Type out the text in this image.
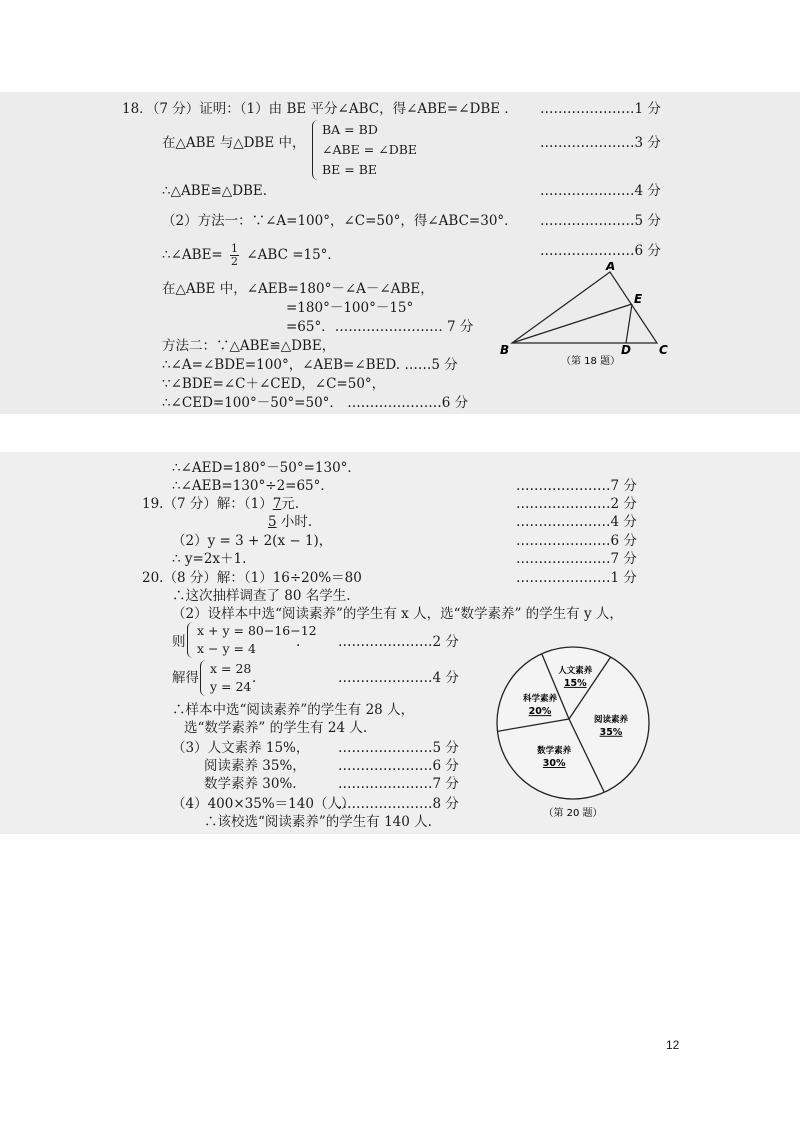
18．（7 分）证明：（1）由 BE 平分∠ABC，得∠ABE=∠DBE ． …………………1 分
在△ABE 与△DBE 中，
BA = BD
∠ABE = ∠DBE
BE = BE
…………………3 分
∴△ABE≌△DBE.	…………………4 分
（2）方法一：∵∠A=100°，∠C=50°，得∠ABC=30°． …………………5 分
∴∠ABE= $\frac{1}{2}$ ∠ABC =15°．	…………………6 分
在△ABE 中，∠AEB=180°－∠A－∠ABE，
=180°－100°－15°
=65°．…………………… 7 分
方法二：∵△ABE≌△DBE，
∴∠A=∠BDE=100°，∠AEB=∠BED. ……5 分
∵∠BDE=∠C＋∠CED，∠C=50°，
∴∠CED=100°－50°=50°． …………………6 分
A
E
B	D C
（第 18 题）
∴∠AED=180°－50°=130°．
∴∠AEB=130°÷2=65°．	…………………7 分
19.（7 分）解：（1）7元.	…………………2 分
5 小时.	…………………4 分
（2）y = 3 + 2(x − 1)，	…………………6 分
∴ y=2x＋1.	…………………7 分
20.（8 分）解：（1）16÷20%＝80	…………………1 分
∴这次抽样调查了 80 名学生.
（2）设样本中选“阅读素养”的学生有 x 人，选“数学素养” 的学生有 y 人，
则
x + y = 80−16−12
x − y = 4	.	…………………2 分
解得
x = 28
y = 24
.	…………………4 分
∴样本中选“阅读素养”的学生有 28 人，
选“数学素养” 的学生有 24 人.
（3）人文素养 15%， …………………5 分
阅读素养 35%， …………………6 分
数学素养 30%.	…………………7 分
（4）400×35%＝140（人）
…………………8 分
∴该校选“阅读素养”的学生有 140 人.
人文素养
15%
阅读素养
35%
数学素养
30%
科学素养
20%
（第 20 题）
12
